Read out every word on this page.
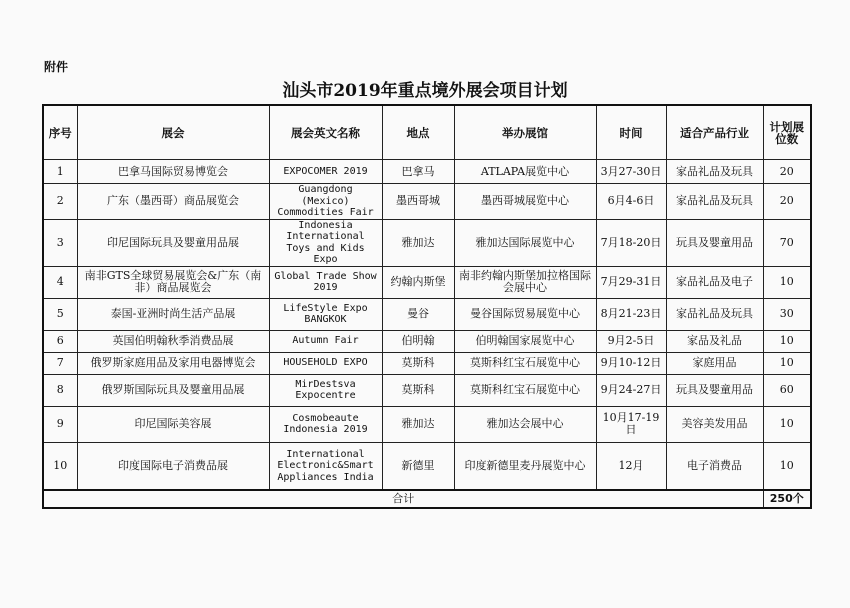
附件
汕头市2019年重点境外展会项目计划
序号	展会	展会英文名称	地点	举办展馆	时间	适合产品行业	计划展位数
1	巴拿马国际贸易博览会	EXPOCOMER 2019	巴拿马	ATLAPA展览中心	3月27-30日	家品礼品及玩具	20
2	广东（墨西哥）商品展览会	Guangdong (Mexico) Commodities Fair	墨西哥城	墨西哥城展览中心	6月4-6日	家品礼品及玩具	20
3	印尼国际玩具及婴童用品展	Indonesia International Toys and Kids Expo	雅加达	雅加达国际展览中心	7月18-20日	玩具及婴童用品	70
4	南非GTS全球贸易展览会&广东（南非）商品展览会	Global Trade Show 2019	约翰内斯堡	南非约翰内斯堡加拉格国际会展中心	7月29-31日	家品礼品及电子	10
5	泰国-亚洲时尚生活产品展	LifeStyle Expo BANGKOK	曼谷	曼谷国际贸易展览中心	8月21-23日	家品礼品及玩具	30
6	英国伯明翰秋季消费品展	Autumn Fair	伯明翰	伯明翰国家展览中心	9月2-5日	家品及礼品	10
7	俄罗斯家庭用品及家用电器博览会	HOUSEHOLD EXPO	莫斯科	莫斯科红宝石展览中心	9月10-12日	家庭用品	10
8	俄罗斯国际玩具及婴童用品展	MirDestsva Expocentre	莫斯科	莫斯科红宝石展览中心	9月24-27日	玩具及婴童用品	60
9	印尼国际美容展	Cosmobeaute Indonesia 2019	雅加达	雅加达会展中心	10月17-19日	美容美发用品	10
10	印度国际电子消费品展	International Electronic&Smart Appliances India	新德里	印度新德里麦丹展览中心	12月	电子消费品	10
合计							250个
